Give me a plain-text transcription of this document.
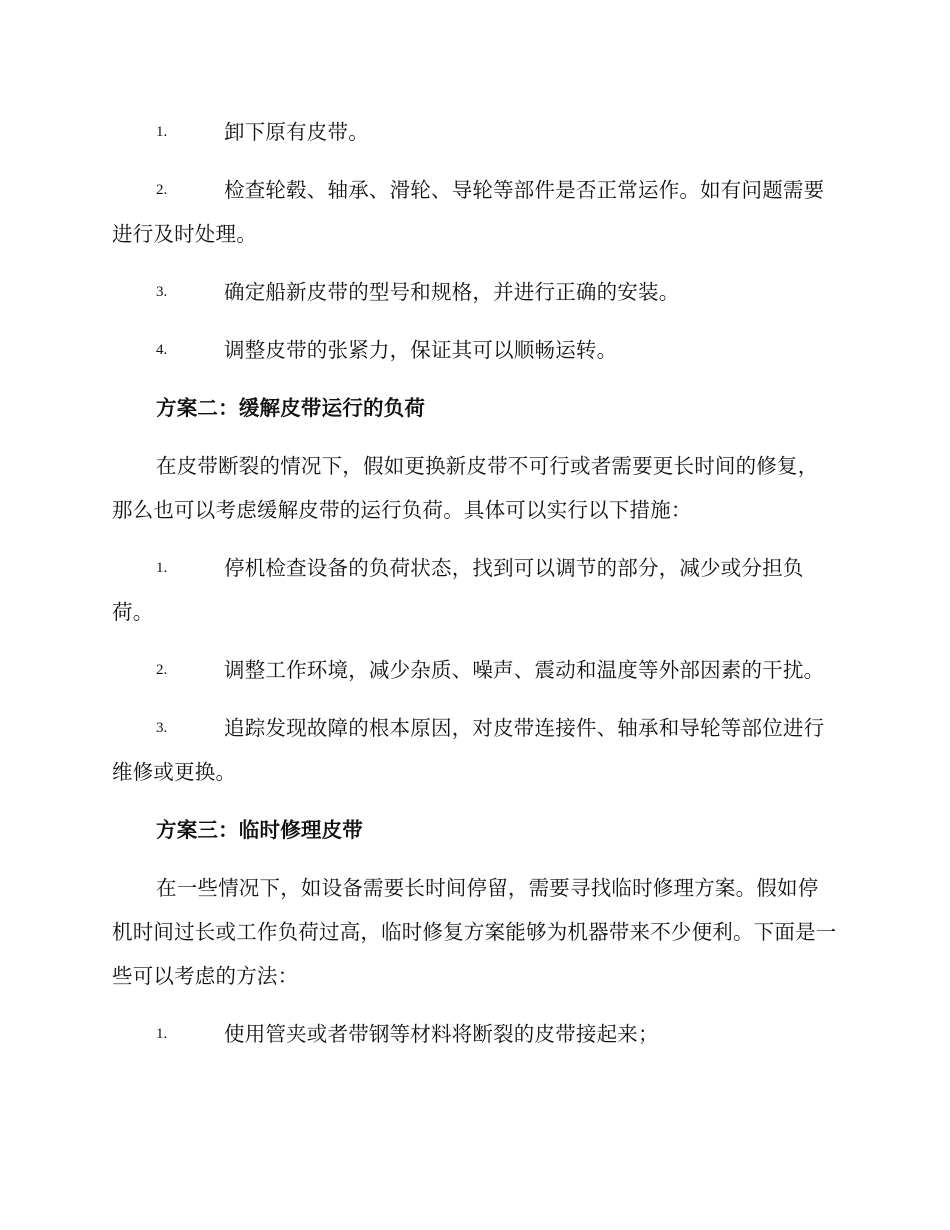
1.	卸下原有皮带。

2.	检查轮毂、轴承、滑轮、导轮等部件是否正常运作。如有问题需要进行及时处理。

3.	确定船新皮带的型号和规格，并进行正确的安装。

4.	调整皮带的张紧力，保证其可以顺畅运转。

方案二：缓解皮带运行的负荷

在皮带断裂的情况下，假如更换新皮带不可行或者需要更长时间的修复，那么也可以考虑缓解皮带的运行负荷。具体可以实行以下措施：

1.	停机检查设备的负荷状态，找到可以调节的部分，减少或分担负荷。

2.	调整工作环境，减少杂质、噪声、震动和温度等外部因素的干扰。

3.	追踪发现故障的根本原因，对皮带连接件、轴承和导轮等部位进行维修或更换。

方案三：临时修理皮带

在一些情况下，如设备需要长时间停留，需要寻找临时修理方案。假如停机时间过长或工作负荷过高，临时修复方案能够为机器带来不少便利。下面是一些可以考虑的方法：

1.	使用管夹或者带钢等材料将断裂的皮带接起来；
